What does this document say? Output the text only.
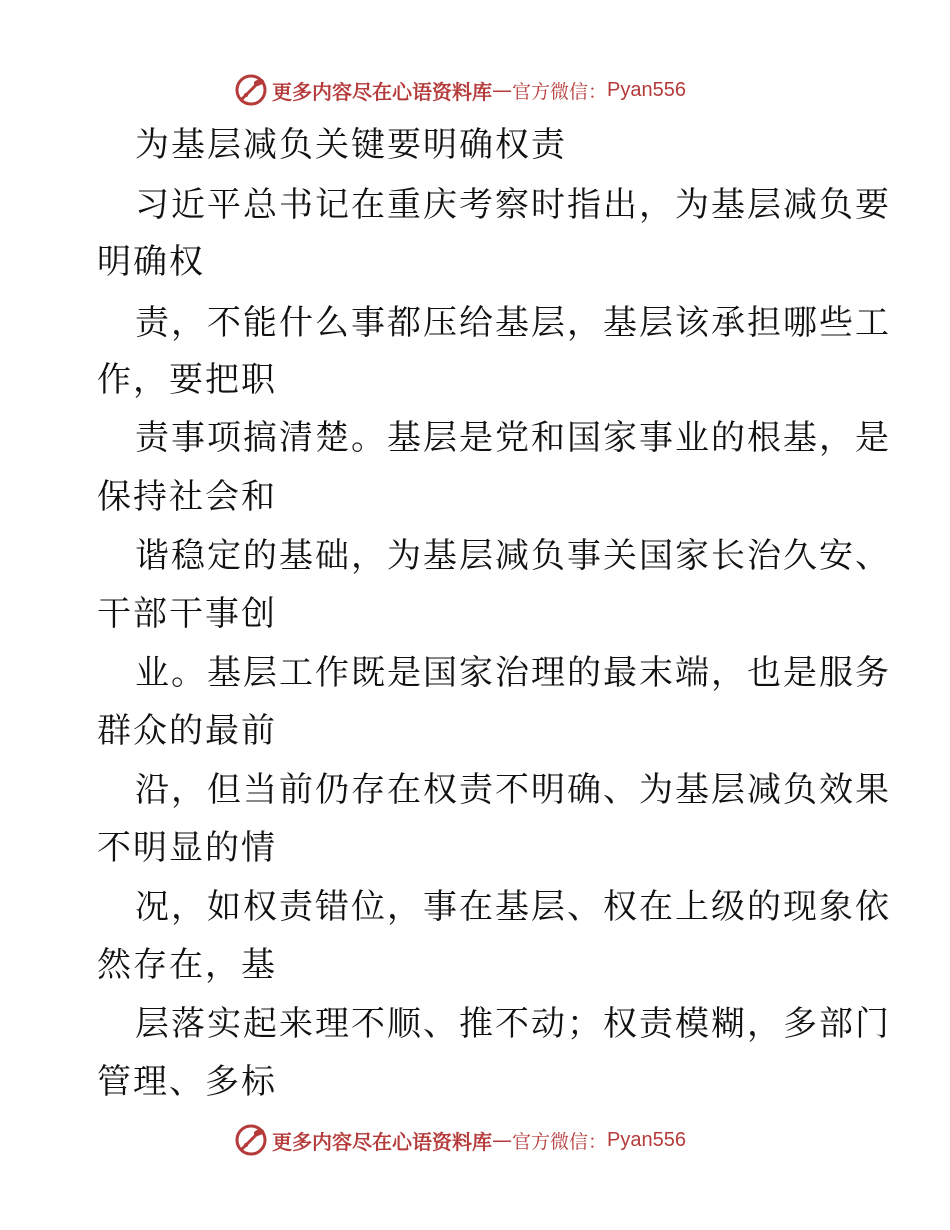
更多内容尽在心语资料库 — 官方微信： Pyan556
为基层减负关键要明确权责
习近平总书记在重庆考察时指出，为基层减负要
明确权
责，不能什么事都压给基层，基层该承担哪些工
作，要把职
责事项搞清楚。基层是党和国家事业的根基，是
保持社会和
谐稳定的基础，为基层减负事关国家长治久安、
干部干事创
业。基层工作既是国家治理的最末端，也是服务
群众的最前
沿，但当前仍存在权责不明确、为基层减负效果
不明显的情
况，如权责错位，事在基层、权在上级的现象依
然存在，基
层落实起来理不顺、推不动；权责模糊，多部门
管理、多标
更多内容尽在心语资料库 — 官方微信： Pyan556
